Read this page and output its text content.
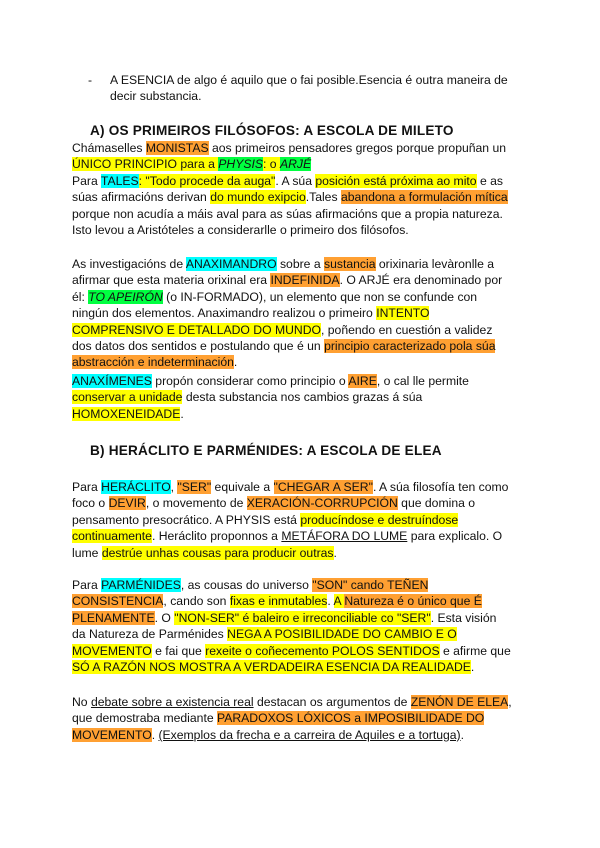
- A ESENCIA de algo é aquilo que o fai posible.Esencia é outra maneira de decir substancia.
A) OS PRIMEIROS FILÓSOFOS: A ESCOLA DE MILETO

Chámaselles MONISTAS aos primeiros pensadores gregos porque propuñan un ÚNICO PRINCIPIO para a PHYSIS: o ARJÉ
Para TALES: "Todo procede da auga". A súa posición está próxima ao mito e as súas afirmacións derivan do mundo exipcio.Tales abandona a formulación mítica porque non acudía a máis aval para as súas afirmacións que a propia natureza. Isto levou a Aristóteles a considerarlle o primeiro dos filósofos.

As investigacións de ANAXIMANDRO sobre a sustancia orixinaria levàronlle a afirmar que esta materia orixinal era INDEFINIDA. O ARJÉ era denominado por él: TO APEIRÓN (o IN-FORMADO), un elemento que non se confunde con ningún dos elementos. Anaximandro realizou o primeiro INTENTO COMPRENSIVO E DETALLADO DO MUNDO, poñendo en cuestión a validez dos datos dos sentidos e postulando que é un principio caracterizado pola súa abstracción e indeterminación.

ANAXÍMENES propón considerar como principio o AIRE, o cal lle permite conservar a unidade desta substancia nos cambios grazas á súa HOMOXENEIDADE.

B) HERÁCLITO E PARMÉNIDES: A ESCOLA DE ELEA

Para HERÁCLITO, "SER" equivale a "CHEGAR A SER". A súa filosofía ten como foco o DEVIR, o movemento de XERACIÓN-CORRUPCIÓN que domina o pensamento presocrático. A PHYSIS está producíndose e destruíndose continuamente. Heráclito proponnos a METÁFORA DO LUME para explicalo. O lume destrúe unhas cousas para producir outras.

Para PARMÉNIDES, as cousas do universo "SON" cando TEÑEN CONSISTENCIA, cando son fixas e inmutables. A Natureza é o único que É PLENAMENTE. O "NON-SER" é baleiro e irreconciliable co "SER". Esta visión da Natureza de Parménides NEGA A POSIBILIDADE DO CAMBIO E O MOVEMENTO e fai que rexeite o coñecemento POLOS SENTIDOS e afirme que SÓ A RAZÓN NOS MOSTRA A VERDADEIRA ESENCIA DA REALIDADE.

No debate sobre a existencia real destacan os argumentos de ZENÓN DE ELEA, que demostraba mediante PARADOXOS LÓXICOS a IMPOSIBILIDADE DO MOVEMENTO. (Exemplos da frecha e a carreira de Aquiles e a tortuga).
